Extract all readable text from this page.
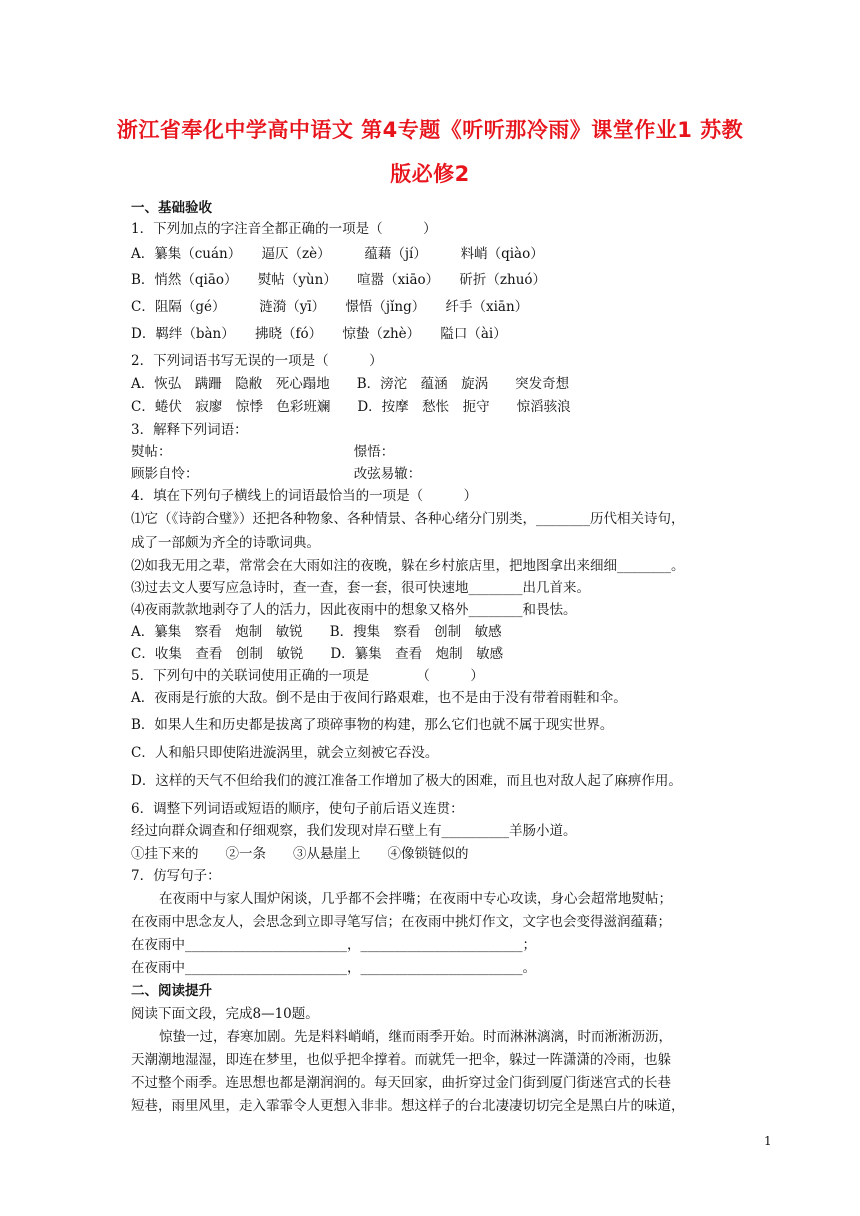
浙江省奉化中学高中语文 第4专题《听听那冷雨》课堂作业1 苏教
版必修2
一、基础验收
1．下列加点的字注音全都正确的一项是（　　　）
A．纂集（cuán）　　逼仄（zè）　　　蕴藉（jí）　　　料峭（qiào）
B．悄然（qiāo）　　熨帖（yùn）　　喧嚣（xiāo）　　斫折（zhuó）
C．阻隔（gé）　　　涟漪（yī）　　憬悟（jǐng）　　纤手（xiān）
D．羁绊（bàn）　　拂晓（fó）　　惊蛰（zhè）　　隘口（ài）
2．下列词语书写无误的一项是（　　　）
A．恢弘　蹒跚　隐敝　死心蹋地　　B．滂沱　蕴涵　旋涡　　突发奇想
C．蜷伏　寂廖　惊悸　色彩班斓　　D．按摩　愁怅　扼守　　惊滔骇浪
3．解释下列词语：
熨帖：　　　　　　　　　　　　　　憬悟：
顾影自怜：　　　　　　　　　　　　改弦易辙：
4．填在下列句子横线上的词语最恰当的一项是（　　　）
⑴它（《诗韵合璧》）还把各种物象、各种情景、各种心绪分门别类，________历代相关诗句，
成了一部颇为齐全的诗歌词典。
⑵如我无用之辈，常常会在大雨如注的夜晚，躲在乡村旅店里，把地图拿出来细细________。
⑶过去文人要写应急诗时，查一查，套一套，很可快速地________出几首来。
⑷夜雨款款地剥夺了人的活力，因此夜雨中的想象又格外________和畏怯。
A．纂集　察看　炮制　敏锐　　B．搜集　察看　创制　敏感
C．收集　查看　创制　敏锐　　D．纂集　查看　炮制　敏感
5．下列句中的关联词使用正确的一项是　　　　（　　　）
A．夜雨是行旅的大敌。倒不是由于夜间行路艰难，也不是由于没有带着雨鞋和伞。
B．如果人生和历史都是拔离了琐碎事物的构建，那么它们也就不属于现实世界。
C．人和船只即使陷进漩涡里，就会立刻被它吞没。
D．这样的天气不但给我们的渡江准备工作增加了极大的困难，而且也对敌人起了麻痹作用。
6．调整下列词语或短语的顺序，使句子前后语义连贯：
经过向群众调查和仔细观察，我们发现对岸石壁上有__________羊肠小道。
①挂下来的　　②一条　　③从悬崖上　　④像锁链似的
7．仿写句子：
在夜雨中与家人围炉闲谈，几乎都不会拌嘴；在夜雨中专心攻读，身心会超常地熨帖；
在夜雨中思念友人，会思念到立即寻笔写信；在夜雨中挑灯作文，文字也会变得滋润蕴藉；
在夜雨中________________________，________________________；
在夜雨中________________________，________________________。
二、阅读提升
阅读下面文段，完成8—10题。
惊蛰一过，春寒加剧。先是料料峭峭，继而雨季开始。时而淋淋漓漓，时而淅淅沥沥，
天潮潮地湿湿，即连在梦里，也似乎把伞撑着。而就凭一把伞，躲过一阵潇潇的冷雨，也躲
不过整个雨季。连思想也都是潮润润的。每天回家，曲折穿过金门街到厦门街迷宫式的长巷
短巷，雨里风里，走入霏霏令人更想入非非。想这样子的台北凄凄切切完全是黑白片的味道，
1
